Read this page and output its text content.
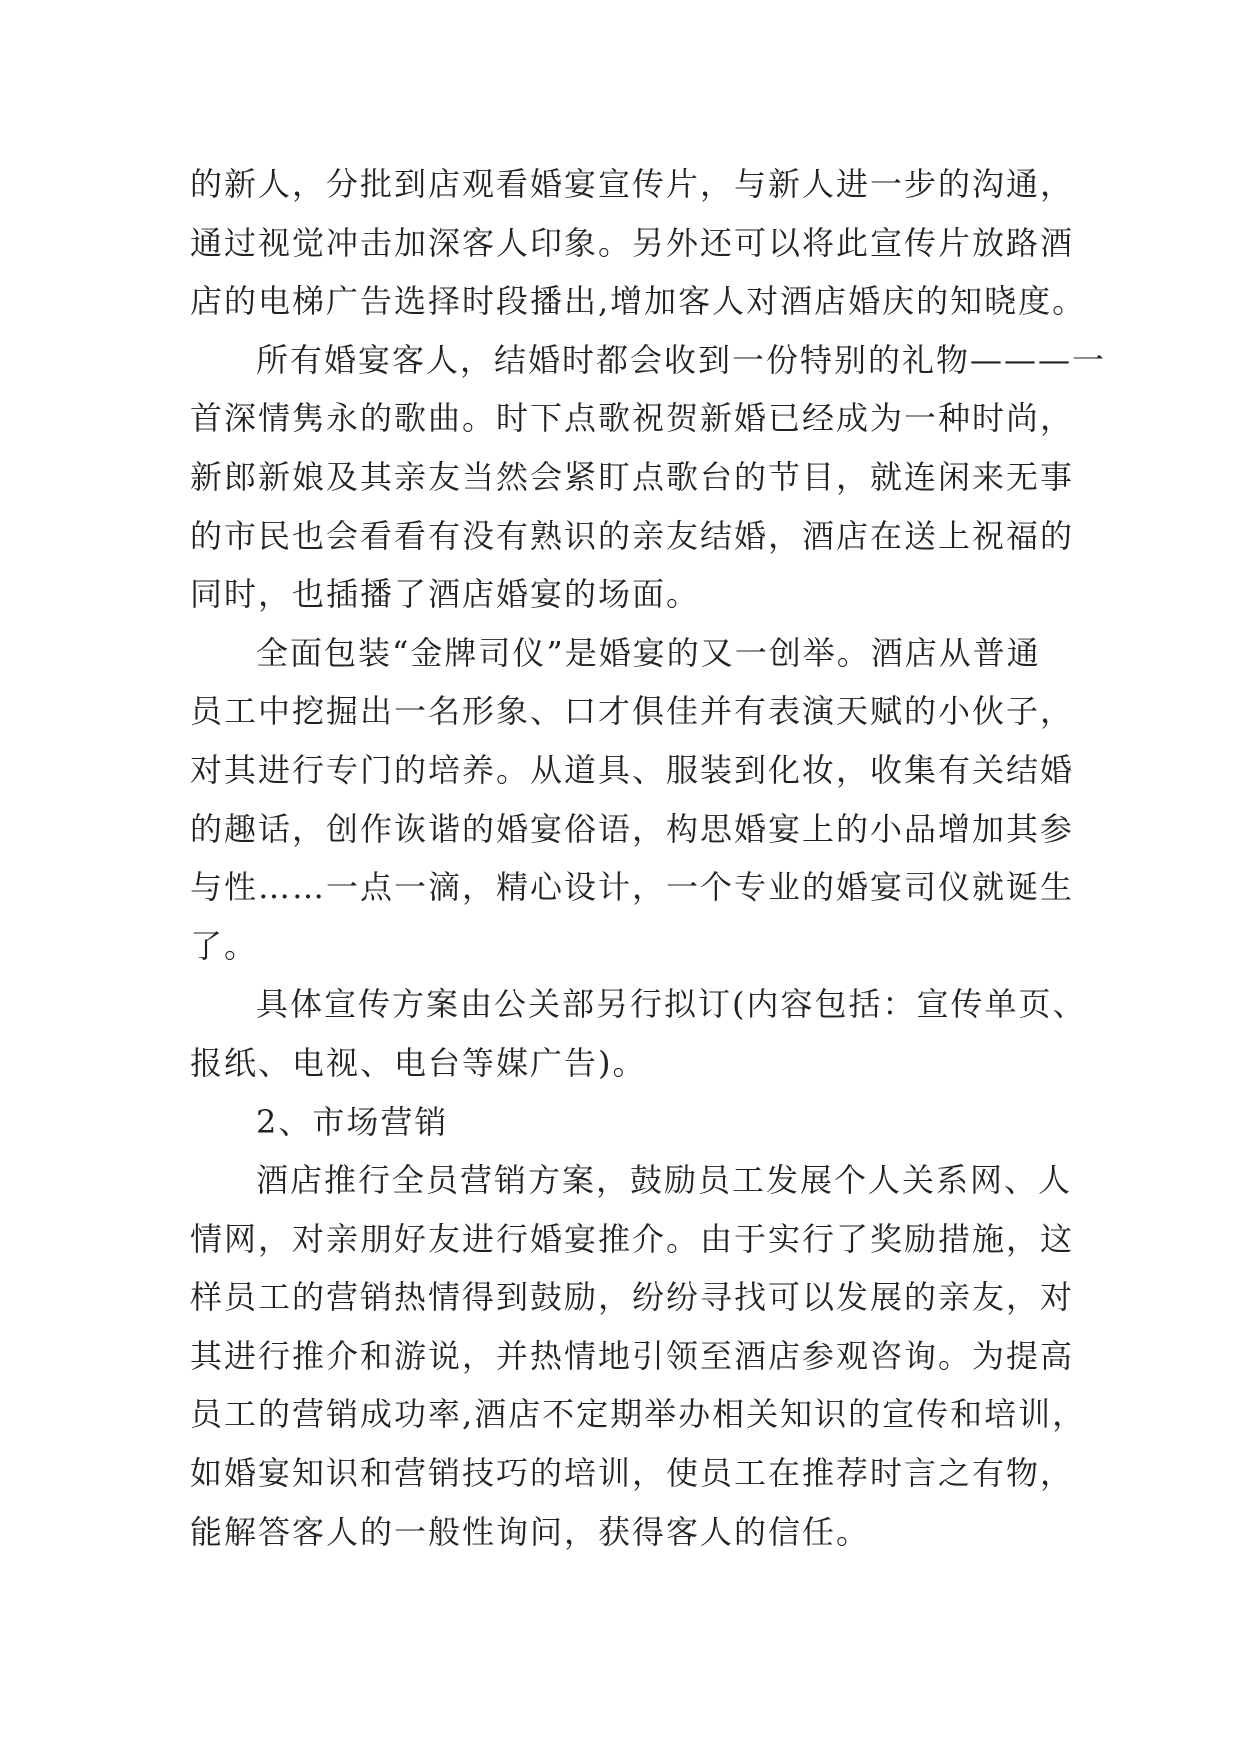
的新人，分批到店观看婚宴宣传片，与新人进一步的沟通，
通过视觉冲击加深客人印象。另外还可以将此宣传片放路酒
店的电梯广告选择时段播出,增加客人对酒店婚庆的知晓度。
所有婚宴客人，结婚时都会收到一份特别的礼物———一
首深情隽永的歌曲。时下点歌祝贺新婚已经成为一种时尚，
新郎新娘及其亲友当然会紧盯点歌台的节目，就连闲来无事
的市民也会看看有没有熟识的亲友结婚，酒店在送上祝福的
同时，也插播了酒店婚宴的场面。
全面包装“金牌司仪”是婚宴的又一创举。酒店从普通
员工中挖掘出一名形象、口才俱佳并有表演天赋的小伙子，
对其进行专门的培养。从道具、服装到化妆，收集有关结婚
的趣话，创作诙谐的婚宴俗语，构思婚宴上的小品增加其参
与性……一点一滴，精心设计，一个专业的婚宴司仪就诞生
了。
具体宣传方案由公关部另行拟订(内容包括：宣传单页、
报纸、电视、电台等媒广告)。
2、市场营销
酒店推行全员营销方案，鼓励员工发展个人关系网、人
情网，对亲朋好友进行婚宴推介。由于实行了奖励措施，这
样员工的营销热情得到鼓励，纷纷寻找可以发展的亲友，对
其进行推介和游说，并热情地引领至酒店参观咨询。为提高
员工的营销成功率,酒店不定期举办相关知识的宣传和培训，
如婚宴知识和营销技巧的培训，使员工在推荐时言之有物，
能解答客人的一般性询问，获得客人的信任。
